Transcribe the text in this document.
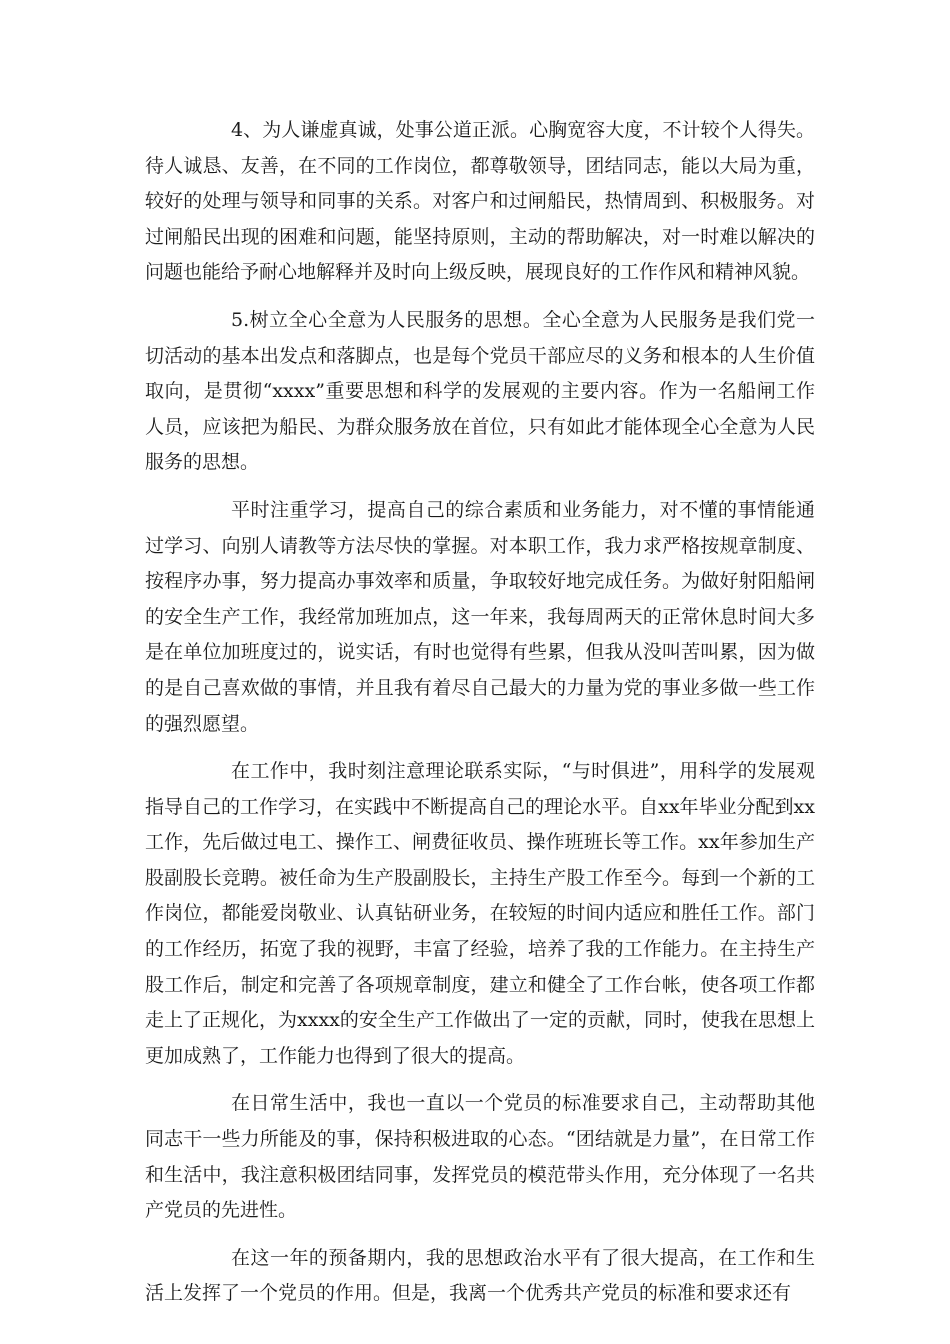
4、为人谦虚真诚，处事公道正派。心胸宽容大度，不计较个人得失。待人诚恳、友善，在不同的工作岗位，都尊敬领导，团结同志，能以大局为重，较好的处理与领导和同事的关系。对客户和过闸船民，热情周到、积极服务。对过闸船民出现的困难和问题，能坚持原则，主动的帮助解决，对一时难以解决的问题也能给予耐心地解释并及时向上级反映，展现良好的工作作风和精神风貌。

5.树立全心全意为人民服务的思想。全心全意为人民服务是我们党一切活动的基本出发点和落脚点，也是每个党员干部应尽的义务和根本的人生价值取向，是贯彻“xxxx”重要思想和科学的发展观的主要内容。作为一名船闸工作人员，应该把为船民、为群众服务放在首位，只有如此才能体现全心全意为人民服务的思想。

平时注重学习，提高自己的综合素质和业务能力，对不懂的事情能通过学习、向别人请教等方法尽快的掌握。对本职工作，我力求严格按规章制度、按程序办事，努力提高办事效率和质量，争取较好地完成任务。为做好射阳船闸的安全生产工作，我经常加班加点，这一年来，我每周两天的正常休息时间大多是在单位加班度过的，说实话，有时也觉得有些累，但我从没叫苦叫累，因为做的是自己喜欢做的事情，并且我有着尽自己最大的力量为党的事业多做一些工作的强烈愿望。

在工作中，我时刻注意理论联系实际，“与时俱进”，用科学的发展观指导自己的工作学习，在实践中不断提高自己的理论水平。自xx年毕业分配到xx工作，先后做过电工、操作工、闸费征收员、操作班班长等工作。xx年参加生产股副股长竞聘。被任命为生产股副股长，主持生产股工作至今。每到一个新的工作岗位，都能爱岗敬业、认真钻研业务，在较短的时间内适应和胜任工作。部门的工作经历，拓宽了我的视野，丰富了经验，培养了我的工作能力。在主持生产股工作后，制定和完善了各项规章制度，建立和健全了工作台帐，使各项工作都走上了正规化，为xxxx的安全生产工作做出了一定的贡献，同时，使我在思想上更加成熟了，工作能力也得到了很大的提高。

在日常生活中，我也一直以一个党员的标准要求自己，主动帮助其他同志干一些力所能及的事，保持积极进取的心态。“团结就是力量”，在日常工作和生活中，我注意积极团结同事，发挥党员的模范带头作用，充分体现了一名共产党员的先进性。

在这一年的预备期内，我的思想政治水平有了很大提高，在工作和生活上发挥了一个党员的作用。但是，我离一个优秀共产党员的标准和要求还有
